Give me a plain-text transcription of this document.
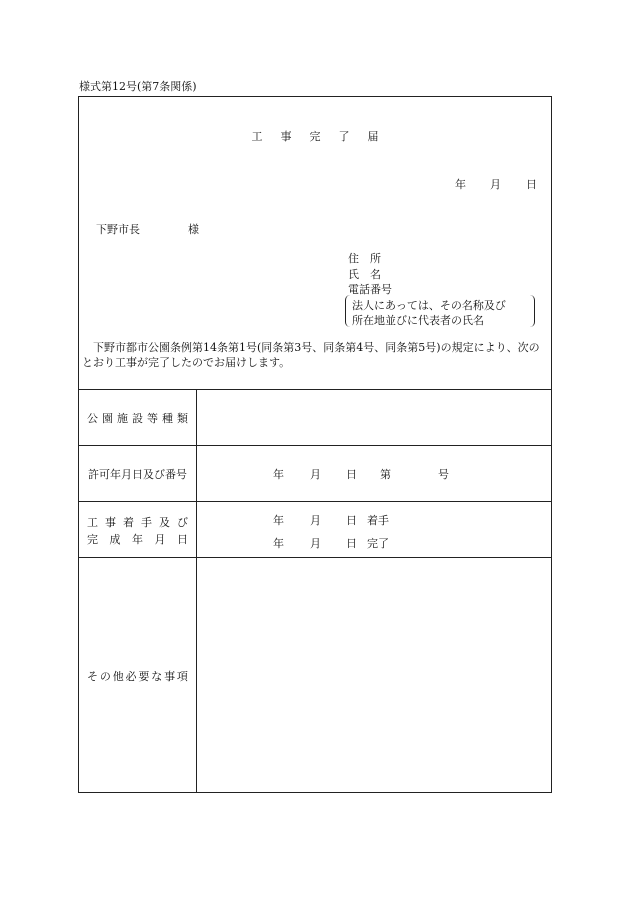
様式第12号(第7条関係)
工 事 完 了 届
年 月 日
下野市長	様
住　所
氏　名
電話番号
法人にあっては、その名称及び
所在地並びに代表者の氏名
　下野市都市公園条例第14条第1号(同条第3号、同条第4号、同条第5号)の規定により、次のとおり工事が完了したのでお届けします。
公 園 施 設 等 種 類
許可年月日及び番号	年 月 日 第	号
工 事 着 手 及 び
完 成 年 月 日
年 月 日 着手
年 月 日 完了
そ の 他 必 要 な 事 項
